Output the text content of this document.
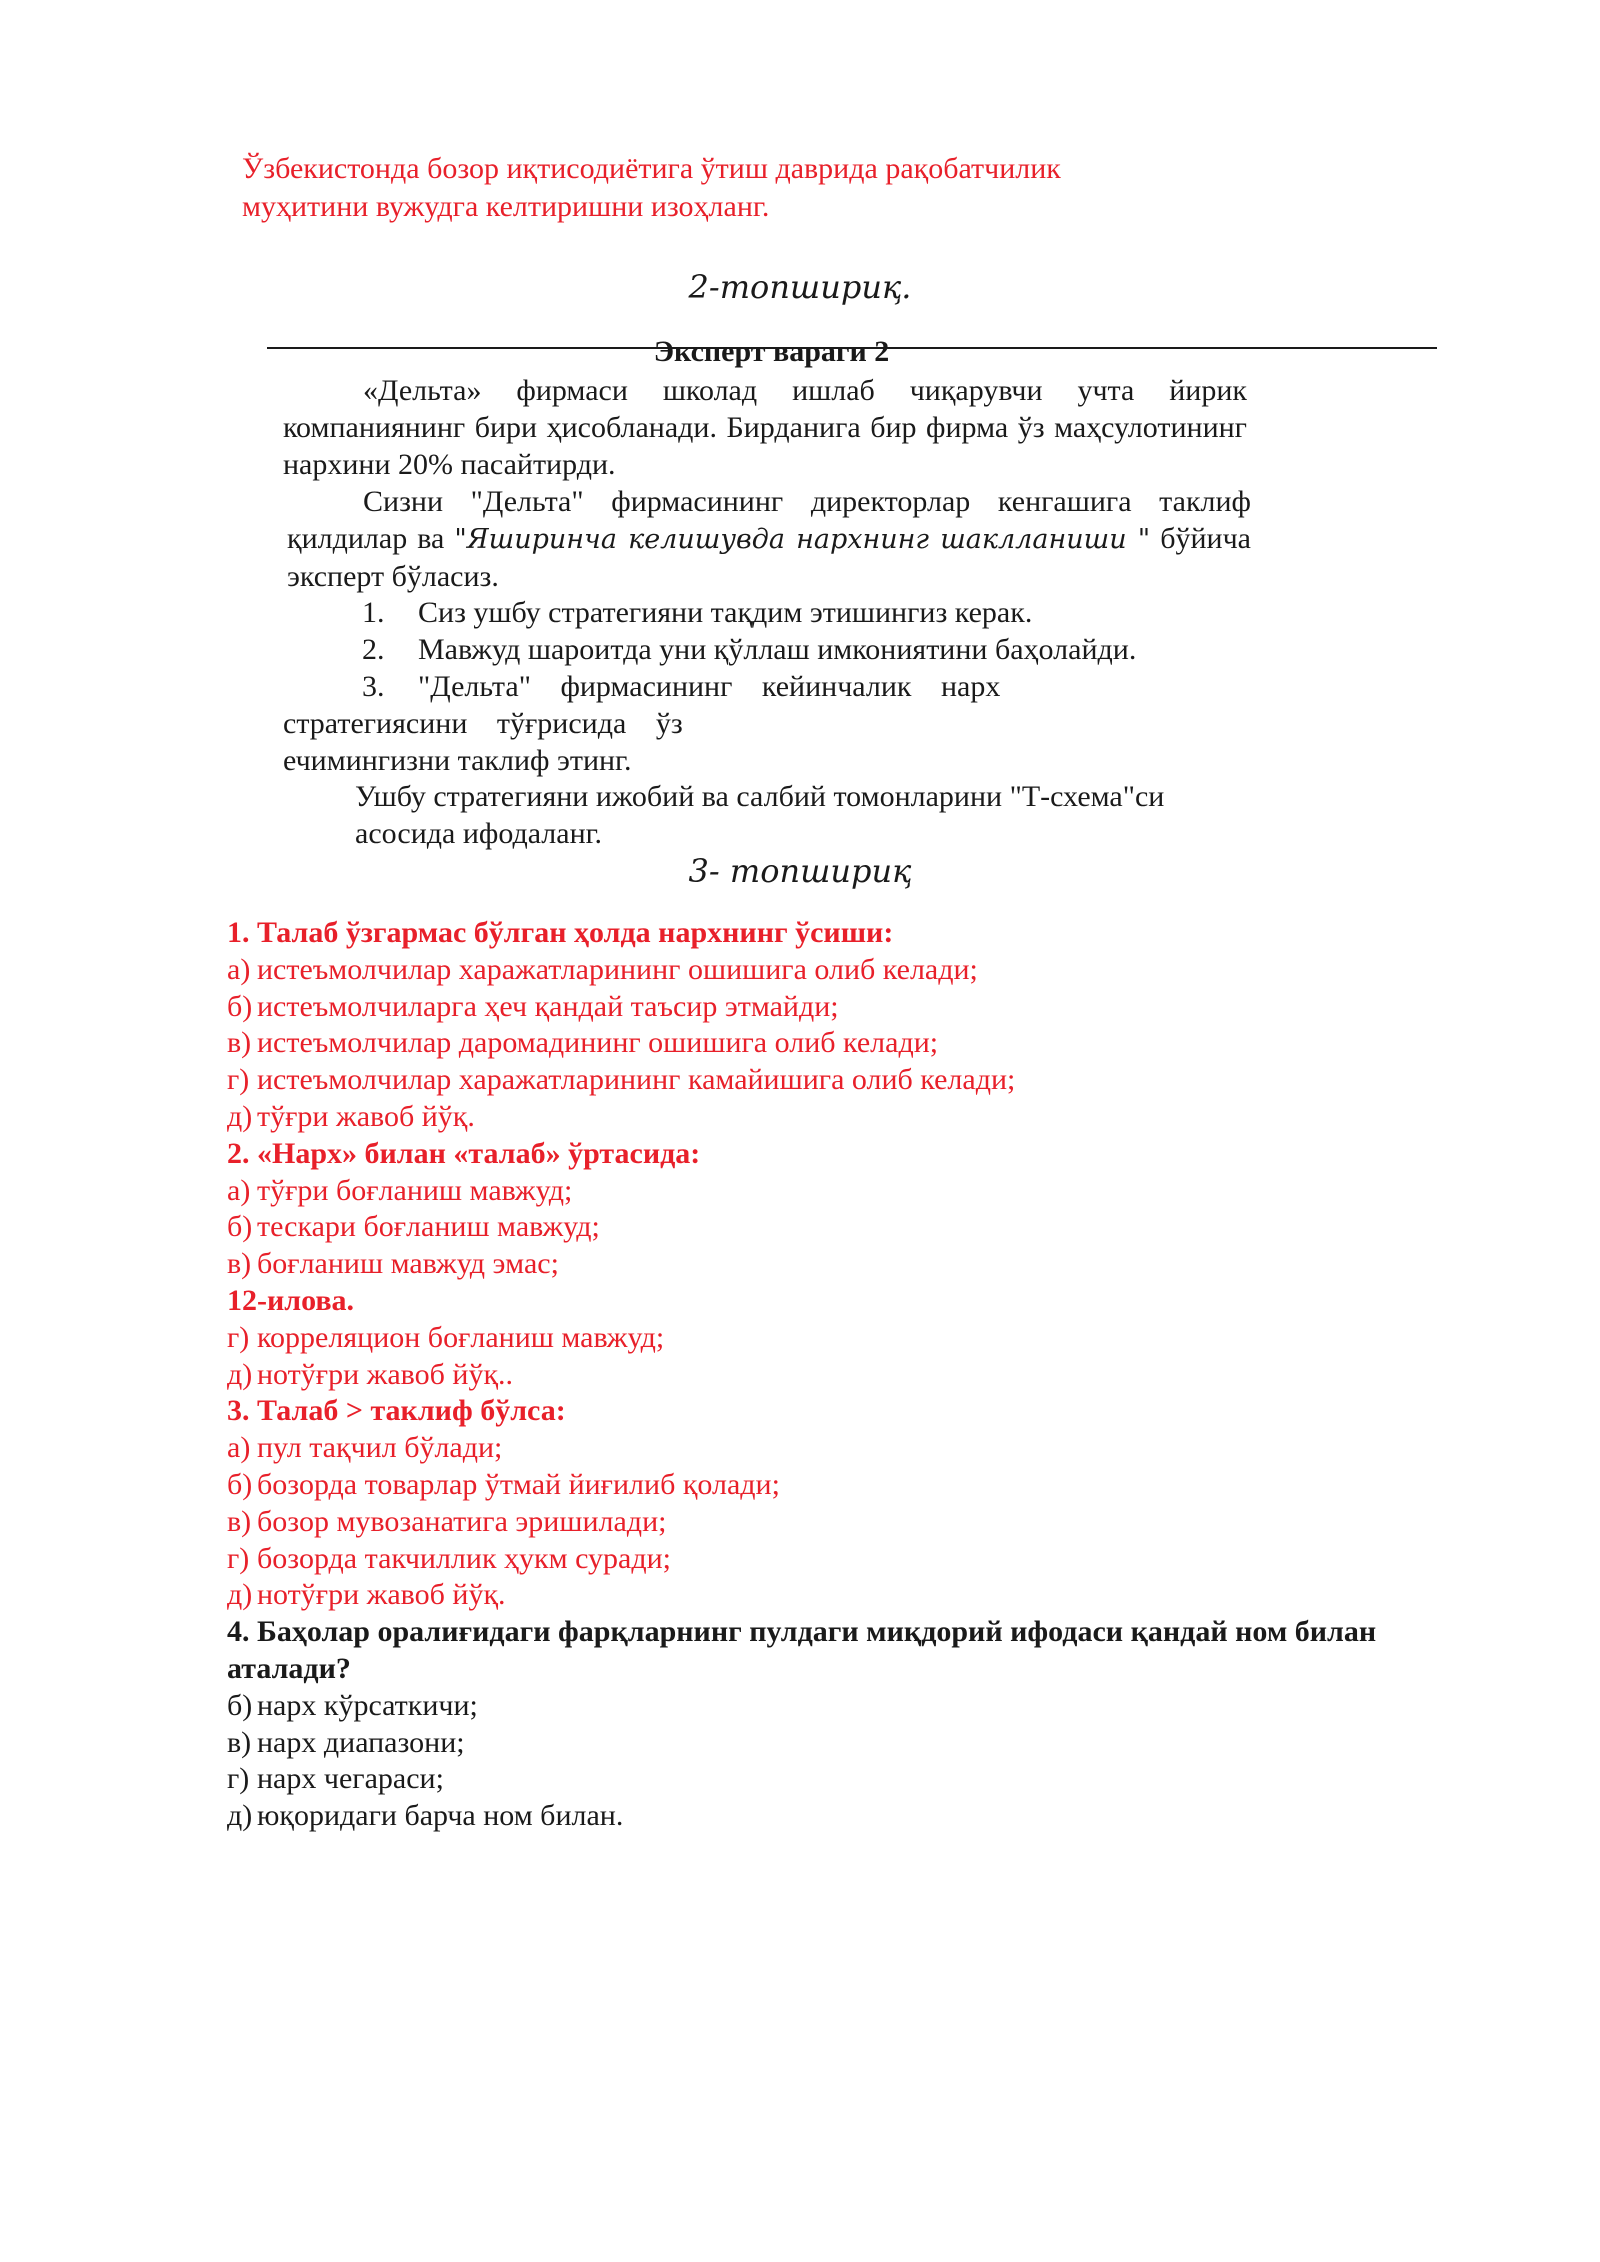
Ўзбекистонда бозор иқтисодиётига ўтиш даврида рақобатчилик
муҳитини вужудга келтиришни изоҳланг.
2-топшириқ.
Эксперт вараги 2
«Дельта» фирмаси школад ишлаб чиқарувчи учта йирик компаниянинг бири ҳисобланади. Бирданига бир фирма ўз маҳсулотининг нархини 20% пасайтирди.
Сизни "Дельта" фирмасининг директорлар кенгашига таклиф қилдилар ва "Яширинча келишувда нархнинг шаклланиши " бўйича эксперт бўласиз.
1. Сиз ушбу стратегияни тақдим этишингиз керак.
2. Мавжуд шароитда уни қўллаш имкониятини баҳолайди.
3. "Дельта" фирмасининг кейинчалик нарх
стратегиясини тўғрисида ўз
ечимингизни таклиф этинг.
Ушбу стратегияни ижобий ва салбий томонларини "Т-схема"си асосида ифодаланг.
3- топшириқ
1. Талаб ўзгармас бўлган ҳолда нархнинг ўсиши:
а) истеъмолчилар харажатларининг ошишига олиб келади;
б) истеъмолчиларга ҳеч қандай таъсир этмайди;
в) истеъмолчилар даромадининг ошишига олиб келади;
г) истеъмолчилар харажатларининг камайишига олиб келади;
д) тўғри жавоб йўқ.
2. «Нарх» билан «талаб» ўртасида:
а) тўғри боғланиш мавжуд;
б) тескари боғланиш мавжуд;
в) боғланиш мавжуд эмас;
12-илова.
г) корреляцион боғланиш мавжуд;
д) нотўғри жавоб йўқ..
3. Талаб > таклиф бўлса:
а) пул тақчил бўлади;
б) бозорда товарлар ўтмай йиғилиб қолади;
в) бозор мувозанатига эришилади;
г) бозорда такчиллик ҳукм суради;
д) нотўғри жавоб йўқ.
4. Баҳолар оралиғидаги фарқларнинг пулдаги миқдорий ифодаси қандай ном билан аталади?
б) нарх кўрсаткичи;
в) нарх диапазони;
г) нарх чегараси;
д) юқоридаги барча ном билан.
